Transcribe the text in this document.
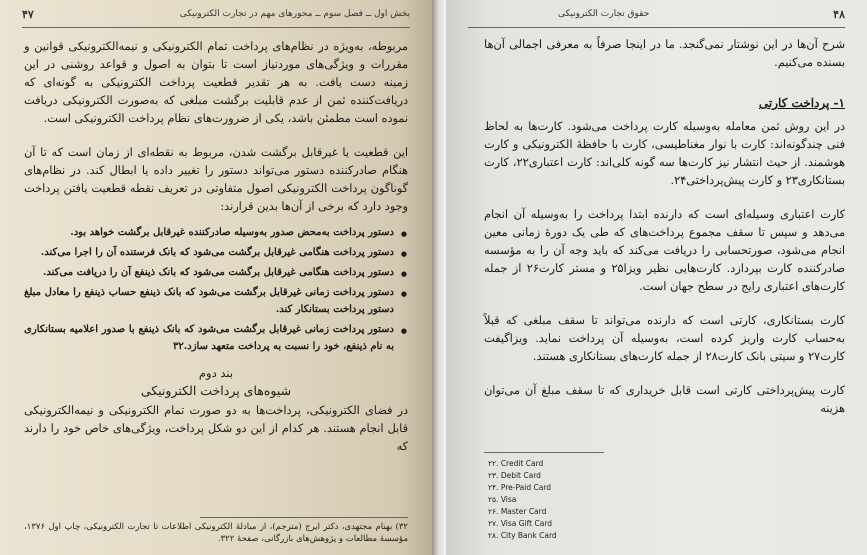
۴۷	بخش اول ــ فصل سوم ــ محورهای مهم در تجارت الکترونیکی

مربوطه، به‌ویژه در نظام‌های پرداخت تمام الکترونیکی و نیمه‌الکترونیکی قوانین و مقررات و ویژگی‌های موردنیاز است تا بتوان به اصول و قواعد روشنی در این زمینه دست یافت. به هر تقدیر قطعیت پرداخت الکترونیکی به گونه‌ای که دریافت‌کننده ثمن از عدم قابلیت برگشت مبلغی که به‌صورت الکترونیکی دریافت نموده است مطمئن باشد، یکی از ضرورت‌های نظام پرداخت الکترونیکی است.

این قطعیت یا غیرقابل برگشت شدن، مربوط به نقطه‌ای از زمان است که تا آن هنگام صادرکننده دستور می‌تواند دستور را تغییر داده یا ابطال کند. در نظام‌های گوناگون پرداخت الکترونیکی اصول متفاوتی در تعریف نقطه قطعیت یافتن پرداخت وجود دارد که برخی از آن‌ها بدین قرارند:

● دستور پرداخت به‌محض صدور به‌وسیله صادرکننده غیرقابل برگشت خواهد بود.
● دستور پرداخت هنگامی غیرقابل برگشت می‌شود که بانک فرستنده آن را اجرا می‌کند.
● دستور پرداخت هنگامی غیرقابل برگشت می‌شود که بانک ذینفع آن را دریافت می‌کند.
● دستور پرداخت زمانی غیرقابل برگشت می‌شود که بانک ذینفع حساب ذینفع را معادل مبلغ دستور پرداخت بستانکار کند.
● دستور پرداخت زمانی غیرقابل برگشت می‌شود که بانک ذینفع با صدور اعلامیه بستانکاری به نام ذینفع، خود را نسبت به پرداخت متعهد سازد.۳۲
بند دوم
شیوه‌های پرداخت الکترونیکی

در فضای الکترونیکی، پرداخت‌ها به دو صورت تمام الکترونیکی و نیمه‌الکترونیکی قابل انجام هستند. هر کدام از این دو شکل پرداخت، ویژگی‌های خاص خود را دارند که

۳۲) بهنام مجتهدی، دکتر ایرج (مترجم)، از مبادلهٔ الکترونیکی اطلاعات تا تجارت الکترونیکی، چاپ اول ۱۳۷۶، مؤسسهٔ مطالعات و پژوهش‌های بازرگانی، صفحهٔ ۳۲۲.
۴۸
حقوق تجارت الکترونیکی

شرح آن‌ها در این نوشتار نمی‌گنجد. ما در اینجا صرفاً به معرفی اجمالی آن‌ها بسنده می‌کنیم.

۱- پرداخت کارتی

در این روش ثمن معامله به‌وسیله کارت پرداخت می‌شود. کارت‌ها به لحاظ فنی چندگونه‌اند: کارت با نوار مغناطیسی، کارت با حافظهٔ الکترونیکی و کارت هوشمند. از حیث انتشار نیز کارت‌ها سه گونه کلی‌اند: کارت اعتباری۲۲، کارت بستانکاری۲۳ و کارت پیش‌پرداختی۲۴.

کارت اعتباری وسیله‌ای است که دارنده ابتدا پرداخت را به‌وسیله آن انجام می‌دهد و سپس تا سقف مجموع پرداخت‌های که طی یک دورهٔ زمانی معین انجام می‌شود، صورتحسابی را دریافت می‌کند که باید وجه آن را به مؤسسه صادرکننده کارت بپردازد. کارت‌هایی نظیر ویزا۲۵ و مستر کارت۲۶ از جمله کارت‌های اعتباری رایج در سطح جهان است.

کارت بستانکاری، کارتی است که دارنده می‌تواند تا سقف مبلغی که قبلاً به‌حساب کارت واریز کرده است، به‌وسیله آن پرداخت نماید. ویزاگیفت کارت۲۷ و سیتی بانک کارت۲۸ از جمله کارت‌های بستانکاری هستند.

کارت پیش‌پرداختی کارتی است قابل خریداری که تا سقف مبلغ آن می‌توان هزینه

۲۲. Credit Card
۲۳. Debit Card
۲۴. Pre-Paid Card
۲۵. Visa
۲۶. Master Card
۲۷. Visa Gift Card
۲۸. City Bank Card
